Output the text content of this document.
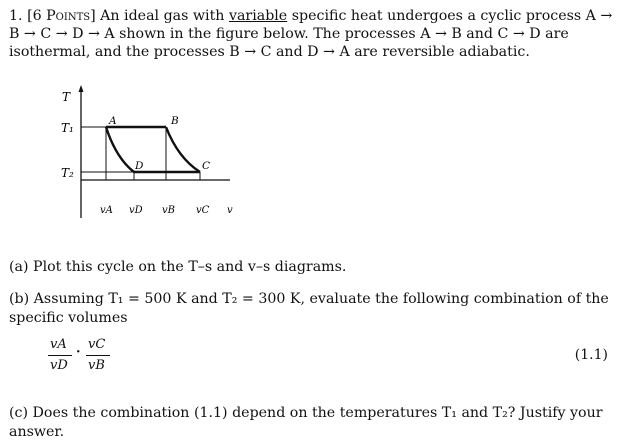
1. [6 Points] An ideal gas with variable specific heat undergoes a cyclic process A →
B → C → D → A shown in the figure below. The processes A → B and C → D are
isothermal, and the processes B → C and D → A are reversible adiabatic.
T
T₁
T₂
A	B
C
D
vA vD vB vC v
(a) Plot this cycle on the T–s and v–s diagrams.
(b) Assuming T₁ = 500 K and T₂ = 300 K, evaluate the following combination of the
specific volumes
vA
vD
·
vC
vB
(1.1)
(c) Does the combination (1.1) depend on the temperatures T₁ and T₂? Justify your
answer.
